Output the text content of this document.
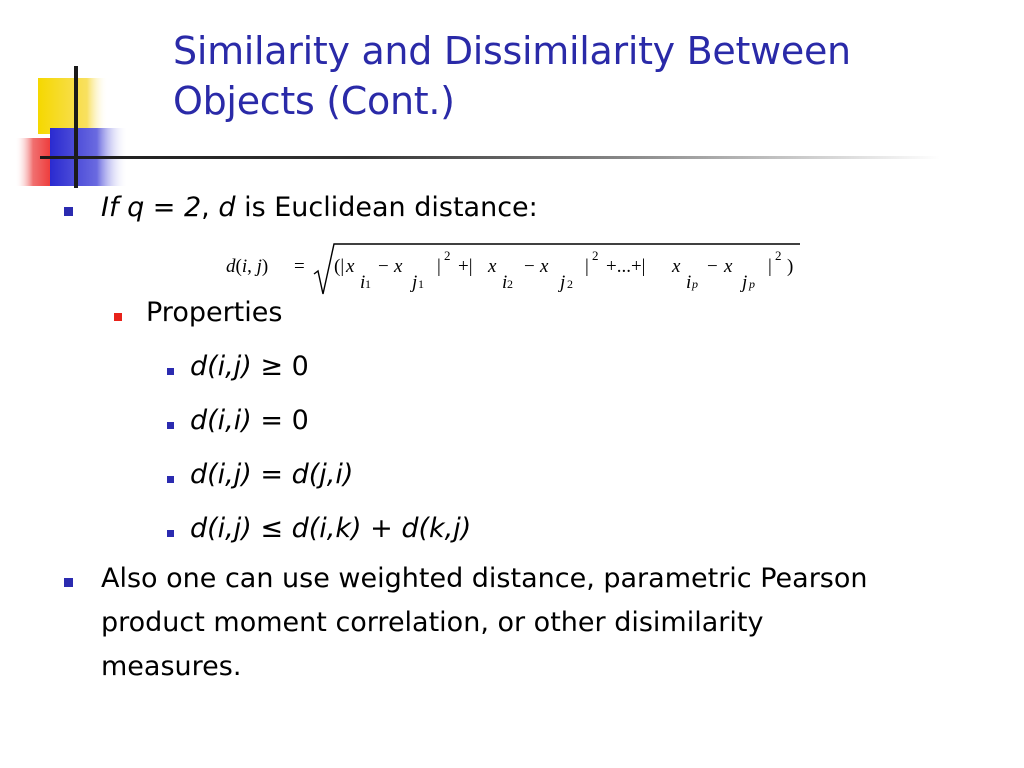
Similarity and Dissimilarity Between
Objects (Cont.)
If q = 2, d is Euclidean distance:
d(i, j) = (| x
i 1
− x
j 1
|
2
+| x
i 2
− x
j 2
|
2
+...+| x
i p
− x
j p
|
2
)
Properties
d(i,j) ≥ 0
d(i,i) = 0
d(i,j) = d(j,i)
d(i,j) ≤ d(i,k) + d(k,j)
Also one can use weighted distance, parametric Pearson
product moment correlation, or other disimilarity
measures.
